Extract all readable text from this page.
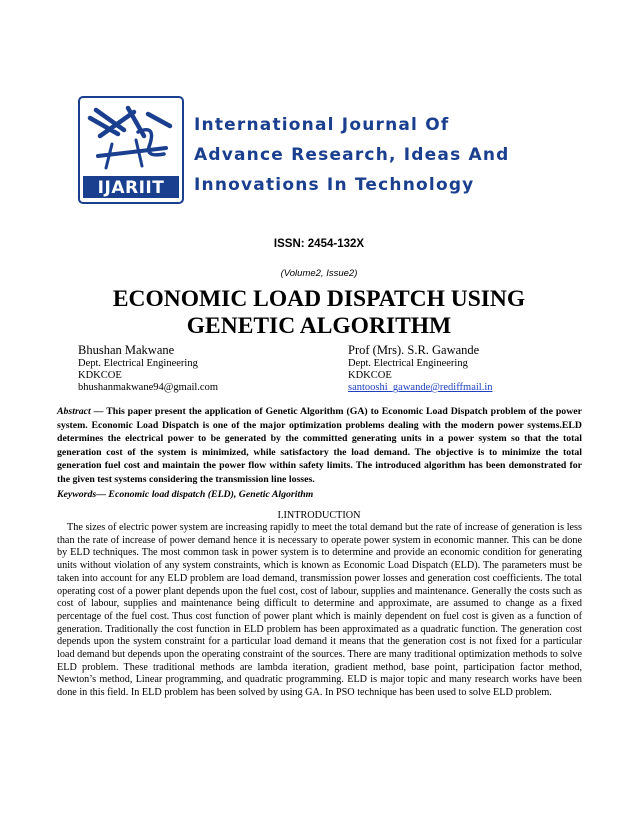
IJARIIT
International Journal Of
Advance Research, Ideas And
Innovations In Technology
ISSN: 2454-132X
(Volume2, Issue2)
ECONOMIC LOAD DISPATCH USING GENETIC ALGORITHM
Bhushan Makwane
Dept. Electrical Engineering
KDKCOE
bhushanmakwane94@gmail.com
Prof (Mrs). S.R. Gawande
Dept. Electrical Engineering
KDKCOE
santooshi_gawande@rediffmail.in

Abstract — This paper present the application of Genetic Algorithm (GA) to Economic Load Dispatch problem of the power system. Economic Load Dispatch is one of the major optimization problems dealing with the modern power systems.ELD determines the electrical power to be generated by the committed generating units in a power system so that the total generation cost of the system is minimized, while satisfactory the load demand. The objective is to minimize the total generation fuel cost and maintain the power flow within safety limits. The introduced algorithm has been demonstrated for the given test systems considering the transmission line losses.

Keywords— Economic load dispatch (ELD), Genetic Algorithm

I.INTRODUCTION

The sizes of electric power system are increasing rapidly to meet the total demand but the rate of increase of generation is less than the rate of increase of power demand hence it is necessary to operate power system in economic manner. This can be done by ELD techniques. The most common task in power system is to determine and provide an economic condition for generating units without violation of any system constraints, which is known as Economic Load Dispatch (ELD). The parameters must be taken into account for any ELD problem are load demand, transmission power losses and generation cost coefficients. The total operating cost of a power plant depends upon the fuel cost, cost of labour, supplies and maintenance. Generally the costs such as cost of labour, supplies and maintenance being difficult to determine and approximate, are assumed to change as a fixed percentage of the fuel cost. Thus cost function of power plant which is mainly dependent on fuel cost is given as a function of generation. Traditionally the cost function in ELD problem has been approximated as a quadratic function. The generation cost depends upon the system constraint for a particular load demand it means that the generation cost is not fixed for a particular load demand but depends upon the operating constraint of the sources. There are many traditional optimization methods to solve ELD problem. These traditional methods are lambda iteration, gradient method, base point, participation factor method, Newton’s method, Linear programming, and quadratic programming. ELD is major topic and many research works have been done in this field. In ELD problem has been solved by using GA. In PSO technique has been used to solve ELD problem.
